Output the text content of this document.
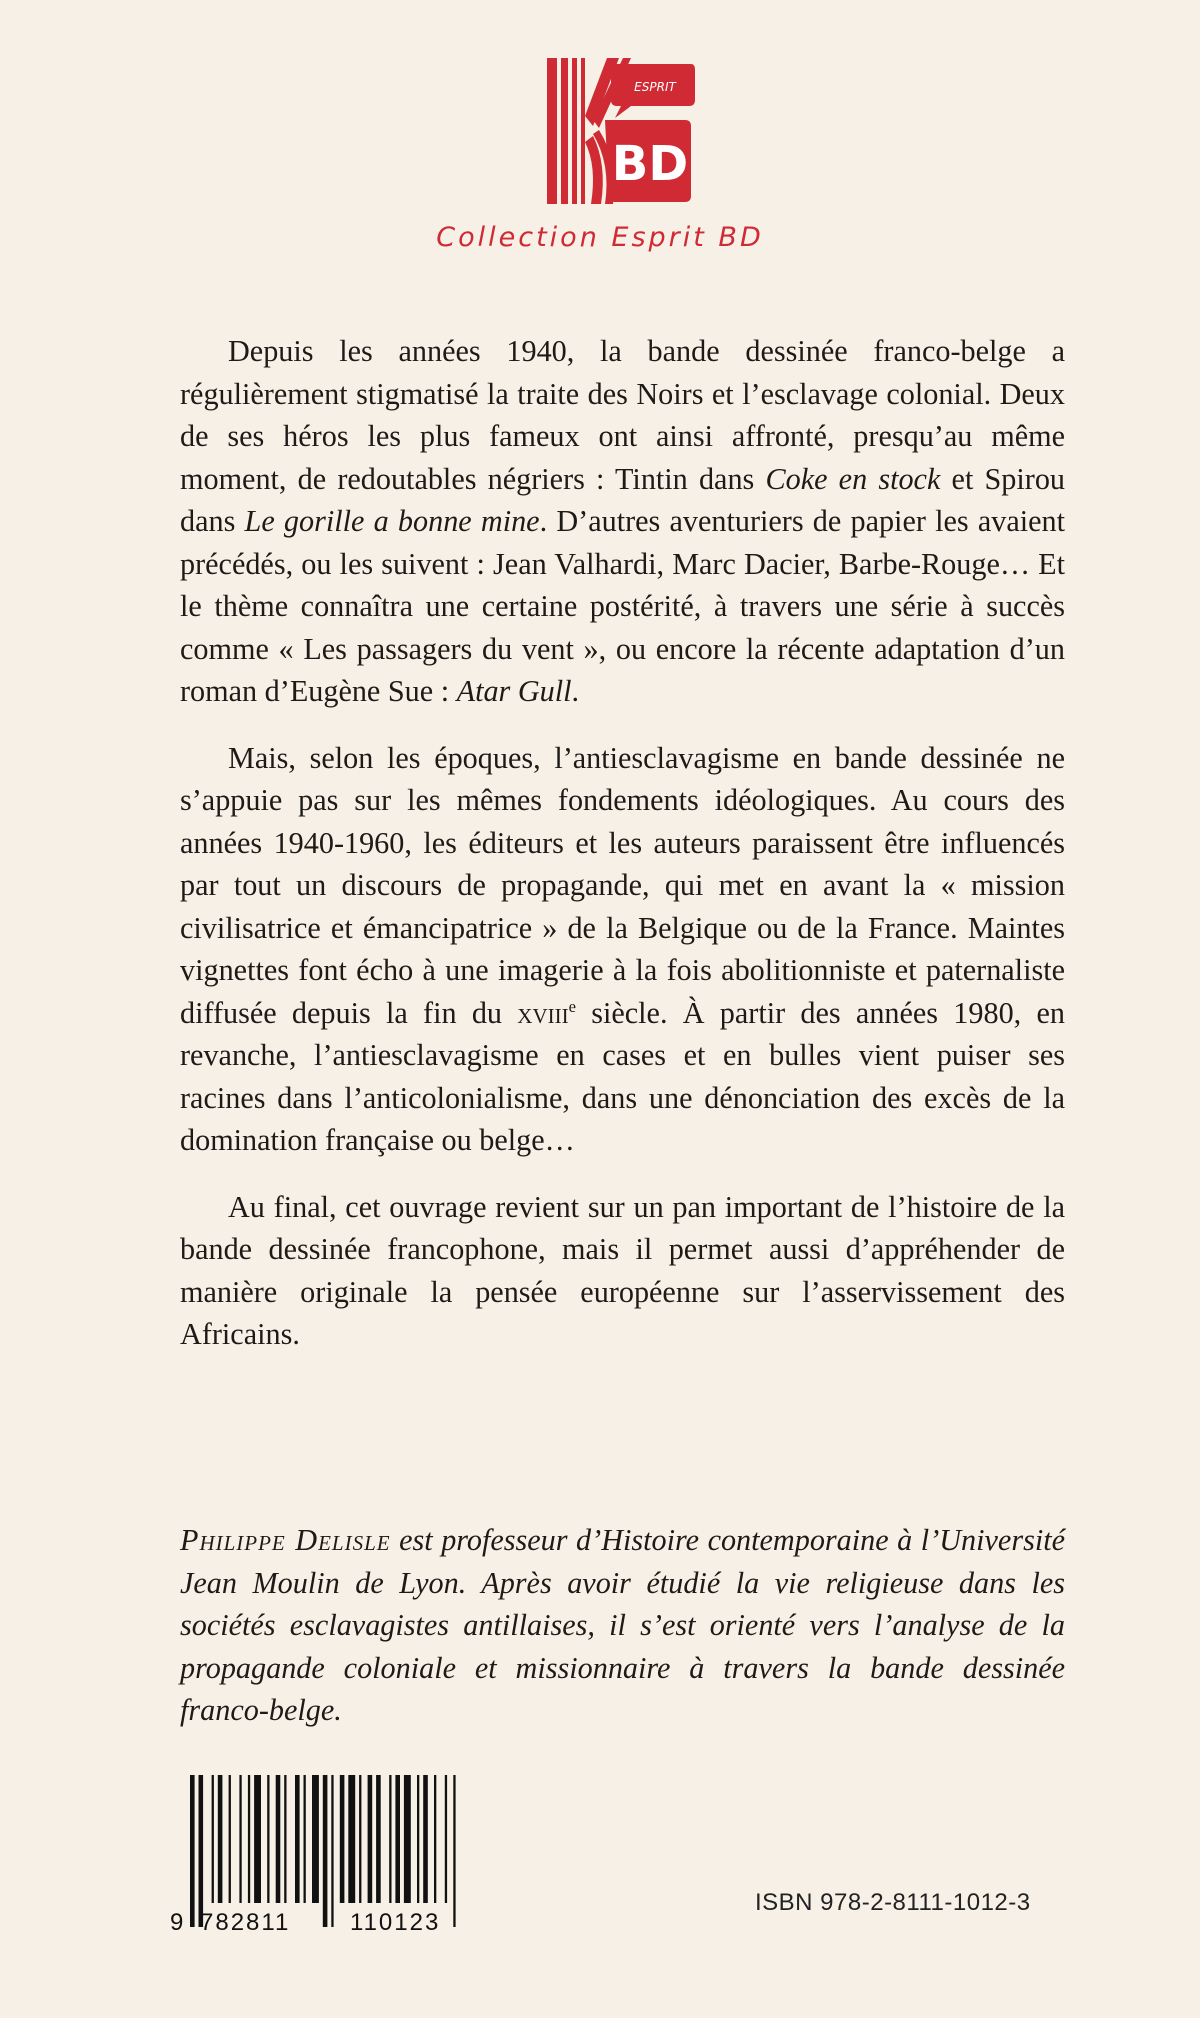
ESPRIT
BD
Collection Esprit BD

Depuis les années 1940, la bande dessinée franco-belge a régulièrement stigmatisé la traite des Noirs et l’esclavage colonial. Deux de ses héros les plus fameux ont ainsi affronté, presqu’au même moment, de redoutables négriers : Tintin dans Coke en stock et Spirou dans Le gorille a bonne mine. D’autres aventuriers de papier les avaient précédés, ou les suivent : Jean Valhardi, Marc Dacier, Barbe-Rouge… Et le thème connaîtra une certaine postérité, à travers une série à succès comme « Les passagers du vent », ou encore la récente adaptation d’un roman d’Eugène Sue : Atar Gull.

Mais, selon les époques, l’antiesclavagisme en bande dessinée ne s’appuie pas sur les mêmes fondements idéologiques. Au cours des années 1940-1960, les éditeurs et les auteurs paraissent être influencés par tout un discours de propagande, qui met en avant la « mission civilisatrice et émancipatrice » de la Belgique ou de la France. Maintes vignettes font écho à une imagerie à la fois abolitionniste et paternaliste diffusée depuis la fin du xviii$^e$ siècle. À partir des années 1980, en revanche, l’antiesclavagisme en cases et en bulles vient puiser ses racines dans l’anticolonialisme, dans une dénonciation des excès de la domination française ou belge…

Au final, cet ouvrage revient sur un pan important de l’histoire de la bande dessinée francophone, mais il permet aussi d’appréhender de manière originale la pensée européenne sur l’asservissement des Africains.

Philippe Delisle est professeur d’Histoire contemporaine à l’Université Jean Moulin de Lyon. Après avoir étudié la vie religieuse dans les sociétés esclavagistes antillaises, il s’est orienté vers l’analyse de la propagande coloniale et missionnaire à travers la bande dessinée franco-belge.
9 782811 110123
ISBN 978-2-8111-1012-3
